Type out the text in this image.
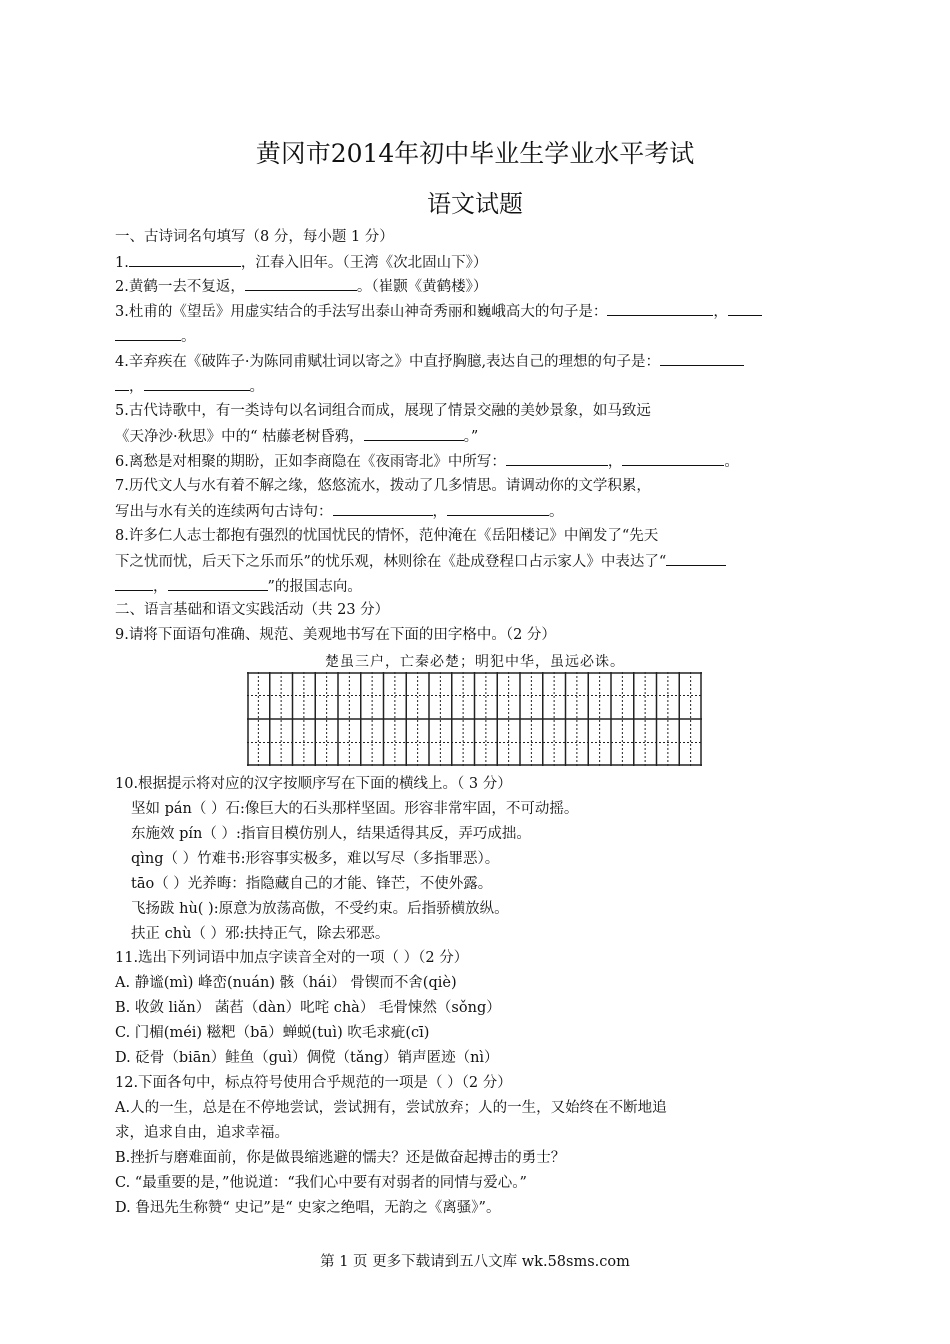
黄冈市2014年初中毕业生学业水平考试
语文试题
一、古诗词名句填写（8 分，每小题 1 分）
1.	，江春入旧年。（王湾《次北固山下》）
2.黄鹤一去不复返，	。（崔颢《黄鹤楼》）
3.杜甫的《望岳》用虚实结合的手法写出泰山神奇秀丽和巍峨高大的句子是：	，
。
4.辛弃疾在《破阵子·为陈同甫赋壮词以寄之》中直抒胸臆,表达自己的理想的句子是：
，	。
5.古代诗歌中，有一类诗句以名词组合而成，展现了情景交融的美妙景象，如马致远
《天净沙·秋思》中的“ 枯藤老树昏鸦，	。”
6.离愁是对相聚的期盼，正如李商隐在《夜雨寄北》中所写：	，	。
7.历代文人与水有着不解之缘，悠悠流水，拨动了几多情思。请调动你的文学积累，
写出与水有关的连续两句古诗句：	，	。
8.许多仁人志士都抱有强烈的忧国忧民的情怀，范仲淹在《岳阳楼记》中阐发了“先天
下之忧而忧，后天下之乐而乐”的忧乐观，林则徐在《赴成登程口占示家人》中表达了“
，	”的报国志向。
二、语言基础和语文实践活动（共 23 分）
9.请将下面语句准确、规范、美观地书写在下面的田字格中。（2 分）
楚虽三户，亡秦必楚；明犯中华，虽远必诛。
10.根据提示将对应的汉字按顺序写在下面的横线上。（ 3 分）
坚如 pán（ ）石:像巨大的石头那样坚固。形容非常牢固，不可动摇。
东施效 pín（ ）:指盲目模仿别人，结果适得其反，弄巧成拙。
qìng（ ）竹难书:形容事实极多，难以写尽（多指罪恶）。
tāo（ ）光养晦：指隐藏自己的才能、锋芒，不使外露。
飞扬跋 hù( ):原意为放荡高傲，不受约束。后指骄横放纵。
扶正 chù（ ）邪:扶持正气，除去邪恶。
11.选出下列词语中加点字读音全对的一项（ ）（2 分）
A. 静谧(mì) 峰峦(nuán) 骸（hái） 骨锲而不舍(qiè)
B. 收敛 liǎn） 菡萏（dàn）叱咤 chà） 毛骨悚然（sǒng）
C. 门楣(méi) 糍粑（bā）蝉蜕(tuì) 吹毛求疵(cī)
D. 砭骨（biān）鲑鱼（guì）倜傥（tǎng）销声匿迹（nì）
12.下面各句中，标点符号使用合乎规范的一项是（ ）（2 分）
A.人的一生，总是在不停地尝试，尝试拥有，尝试放弃；人的一生，又始终在不断地追
求，追求自由，追求幸福。
B.挫折与磨难面前，你是做畏缩逃避的懦夫？还是做奋起搏击的勇士？
C. “最重要的是，”他说道：“我们心中要有对弱者的同情与爱心。”
D. 鲁迅先生称赞“ 史记”是“ 史家之绝唱，无韵之《离骚》”。
第 1 页 更多下载请到五八文库 wk.58sms.com
